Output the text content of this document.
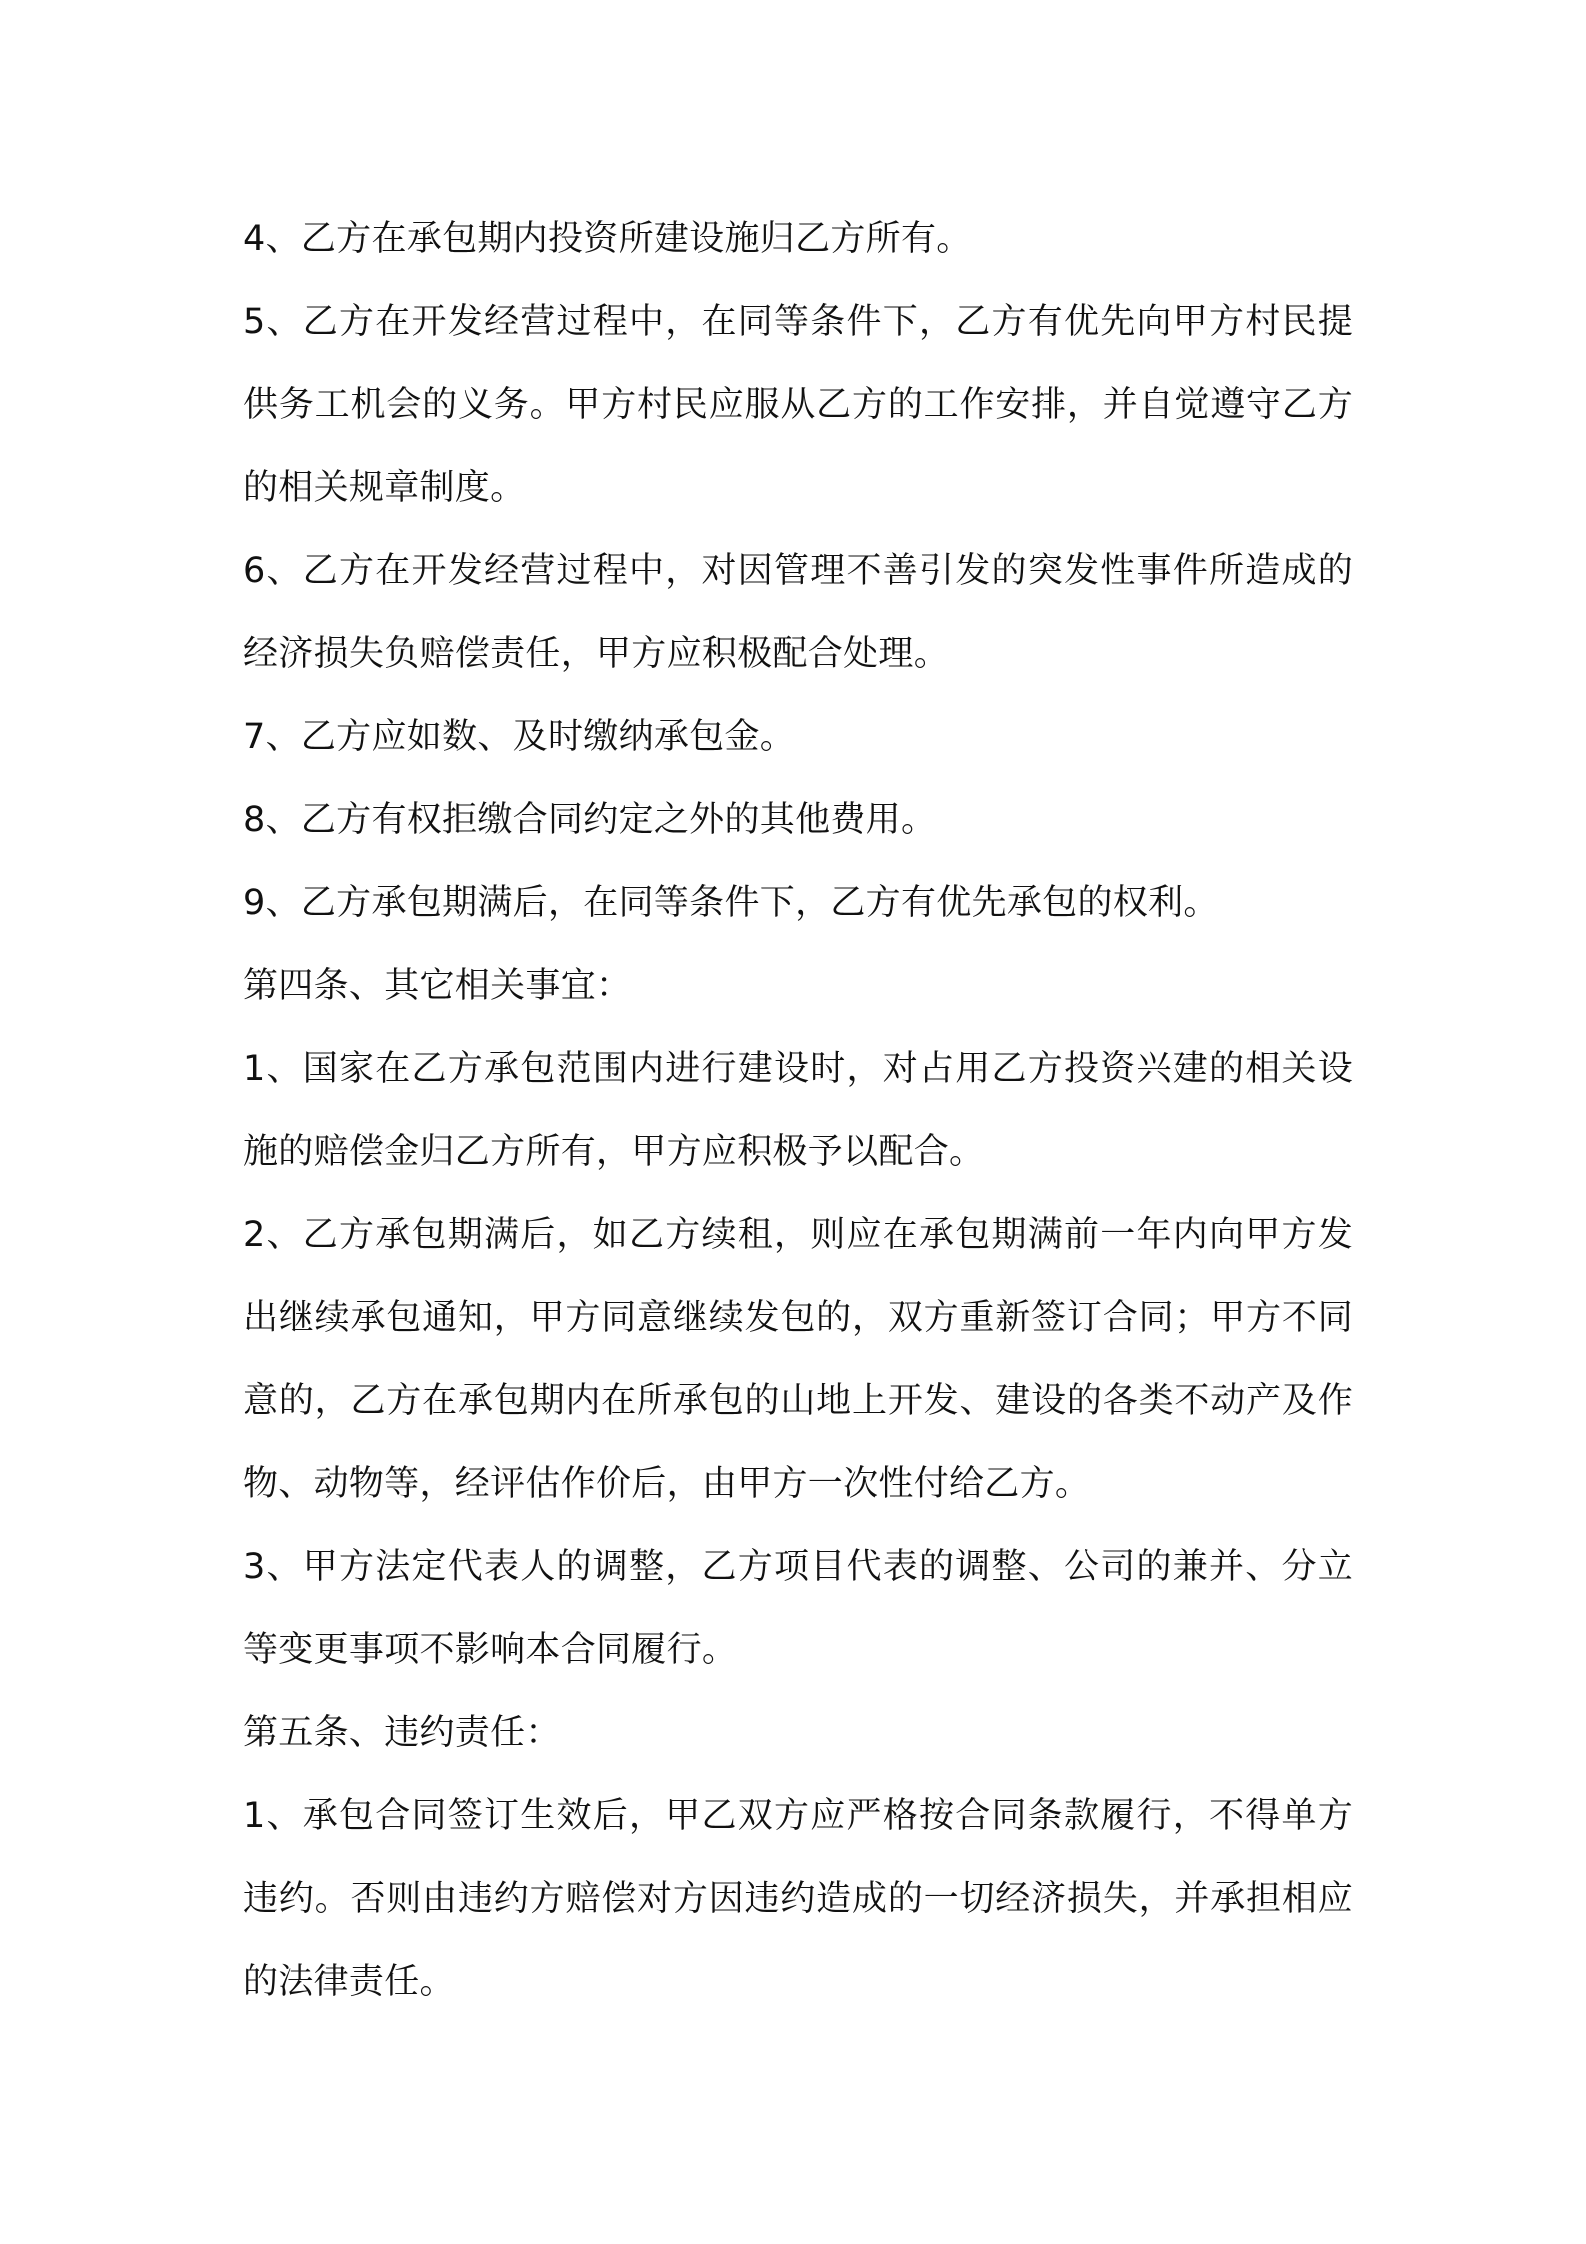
4、乙方在承包期内投资所建设施归乙方所有。

5、乙方在开发经营过程中，在同等条件下，乙方有优先向甲方村民提供务工机会的义务。甲方村民应服从乙方的工作安排，并自觉遵守乙方的相关规章制度。

6、乙方在开发经营过程中，对因管理不善引发的突发性事件所造成的经济损失负赔偿责任，甲方应积极配合处理。

7、乙方应如数、及时缴纳承包金。

8、乙方有权拒缴合同约定之外的其他费用。

9、乙方承包期满后，在同等条件下，乙方有优先承包的权利。

第四条、其它相关事宜：

1、国家在乙方承包范围内进行建设时，对占用乙方投资兴建的相关设施的赔偿金归乙方所有，甲方应积极予以配合。

2、乙方承包期满后，如乙方续租，则应在承包期满前一年内向甲方发出继续承包通知，甲方同意继续发包的，双方重新签订合同；甲方不同意的，乙方在承包期内在所承包的山地上开发、建设的各类不动产及作物、动物等，经评估作价后，由甲方一次性付给乙方。

3、甲方法定代表人的调整，乙方项目代表的调整、公司的兼并、分立等变更事项不影响本合同履行。

第五条、违约责任：

1、承包合同签订生效后，甲乙双方应严格按合同条款履行，不得单方违约。否则由违约方赔偿对方因违约造成的一切经济损失，并承担相应的法律责任。
